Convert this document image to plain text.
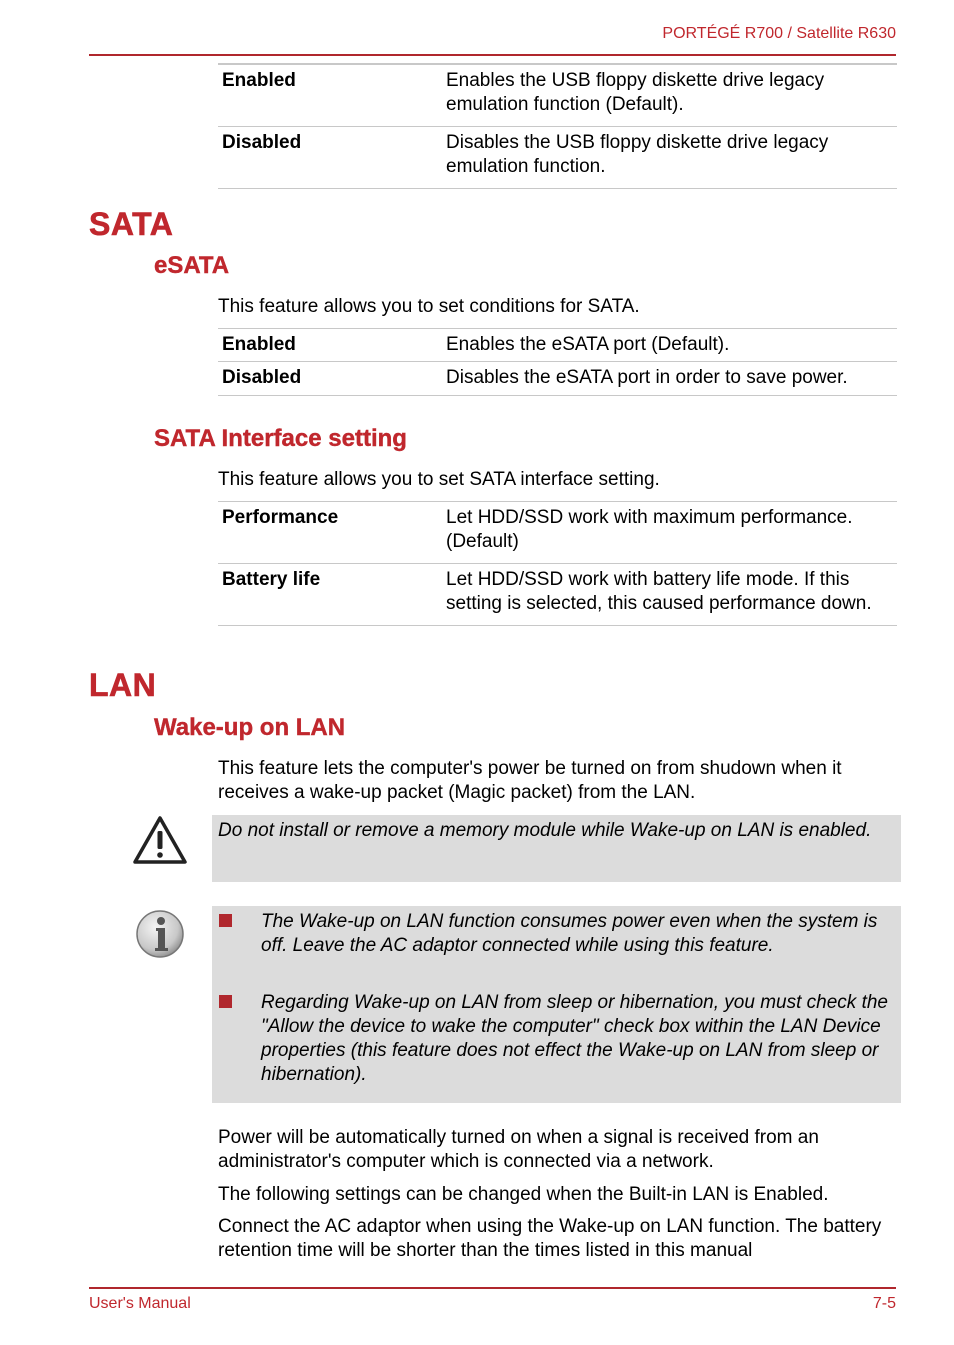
PORTÉGÉ R700 / Satellite R630
Enabled	Enables the USB floppy diskette drive legacy emulation function (Default).
Disabled	Disables the USB floppy diskette drive legacy emulation function.
SATA
eSATA
This feature allows you to set conditions for SATA.
Enabled	Enables the eSATA port (Default).
Disabled	Disables the eSATA port in order to save power.
SATA Interface setting
This feature allows you to set SATA interface setting.
Performance	Let HDD/SSD work with maximum performance. (Default)
Battery life	Let HDD/SSD work with battery life mode. If this setting is selected, this caused performance down.
LAN
Wake-up on LAN
This feature lets the computer's power be turned on from shudown when it receives a wake-up packet (Magic packet) from the LAN.
Do not install or remove a memory module while Wake-up on LAN is enabled.
The Wake-up on LAN function consumes power even when the system is off. Leave the AC adaptor connected while using this feature.
Regarding Wake-up on LAN from sleep or hibernation, you must check the "Allow the device to wake the computer" check box within the LAN Device properties (this feature does not effect the Wake-up on LAN from sleep or hibernation).
Power will be automatically turned on when a signal is received from an administrator's computer which is connected via a network.
The following settings can be changed when the Built-in LAN is Enabled.
Connect the AC adaptor when using the Wake-up on LAN function. The battery retention time will be shorter than the times listed in this manual
User's Manual	7-5
